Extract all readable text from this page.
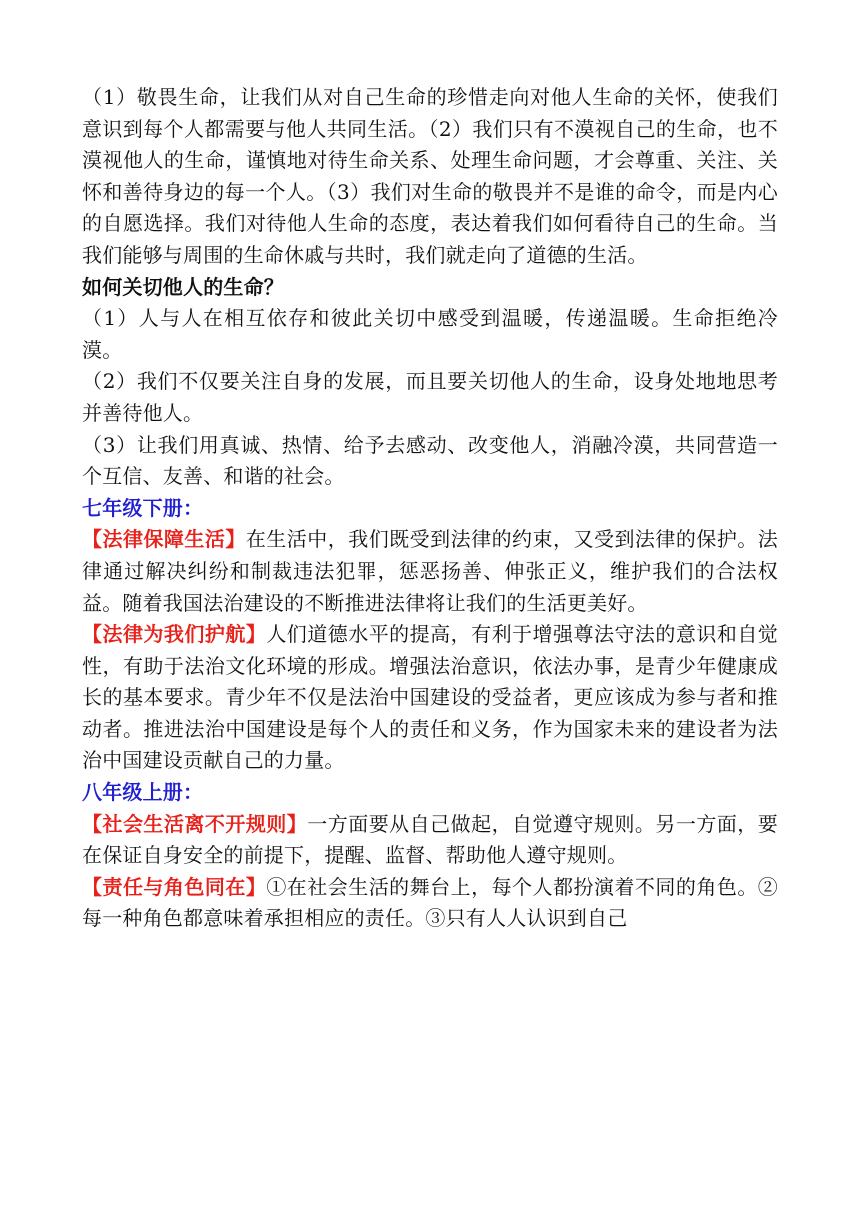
（1）敬畏生命，让我们从对自己生命的珍惜走向对他人生命的关怀，使我们意识到每个人都需要与他人共同生活。（2）我们只有不漠视自己的生命，也不漠视他人的生命，谨慎地对待生命关系、处理生命问题，才会尊重、关注、关怀和善待身边的每一个人。（3）我们对生命的敬畏并不是谁的命令，而是内心的自愿选择。我们对待他人生命的态度，表达着我们如何看待自己的生命。当我们能够与周围的生命休戚与共时，我们就走向了道德的生活。

如何关切他人的生命？

（1）人与人在相互依存和彼此关切中感受到温暖，传递温暖。生命拒绝冷漠。

（2）我们不仅要关注自身的发展，而且要关切他人的生命，设身处地地思考并善待他人。

（3）让我们用真诚、热情、给予去感动、改变他人，消融冷漠，共同营造一个互信、友善、和谐的社会。

七年级下册：

【法律保障生活】在生活中，我们既受到法律的约束，又受到法律的保护。法律通过解决纠纷和制裁违法犯罪，惩恶扬善、伸张正义，维护我们的合法权益。随着我国法治建设的不断推进法律将让我们的生活更美好。

【法律为我们护航】人们道德水平的提高，有利于增强尊法守法的意识和自觉性，有助于法治文化环境的形成。增强法治意识，依法办事，是青少年健康成长的基本要求。青少年不仅是法治中国建设的受益者，更应该成为参与者和推动者。推进法治中国建设是每个人的责任和义务，作为国家未来的建设者为法治中国建设贡献自己的力量。

八年级上册：

【社会生活离不开规则】一方面要从自己做起，自觉遵守规则。另一方面，要在保证自身安全的前提下，提醒、监督、帮助他人遵守规则。

【责任与角色同在】①在社会生活的舞台上，每个人都扮演着不同的角色。②每一种角色都意味着承担相应的责任。③只有人人认识到自己
